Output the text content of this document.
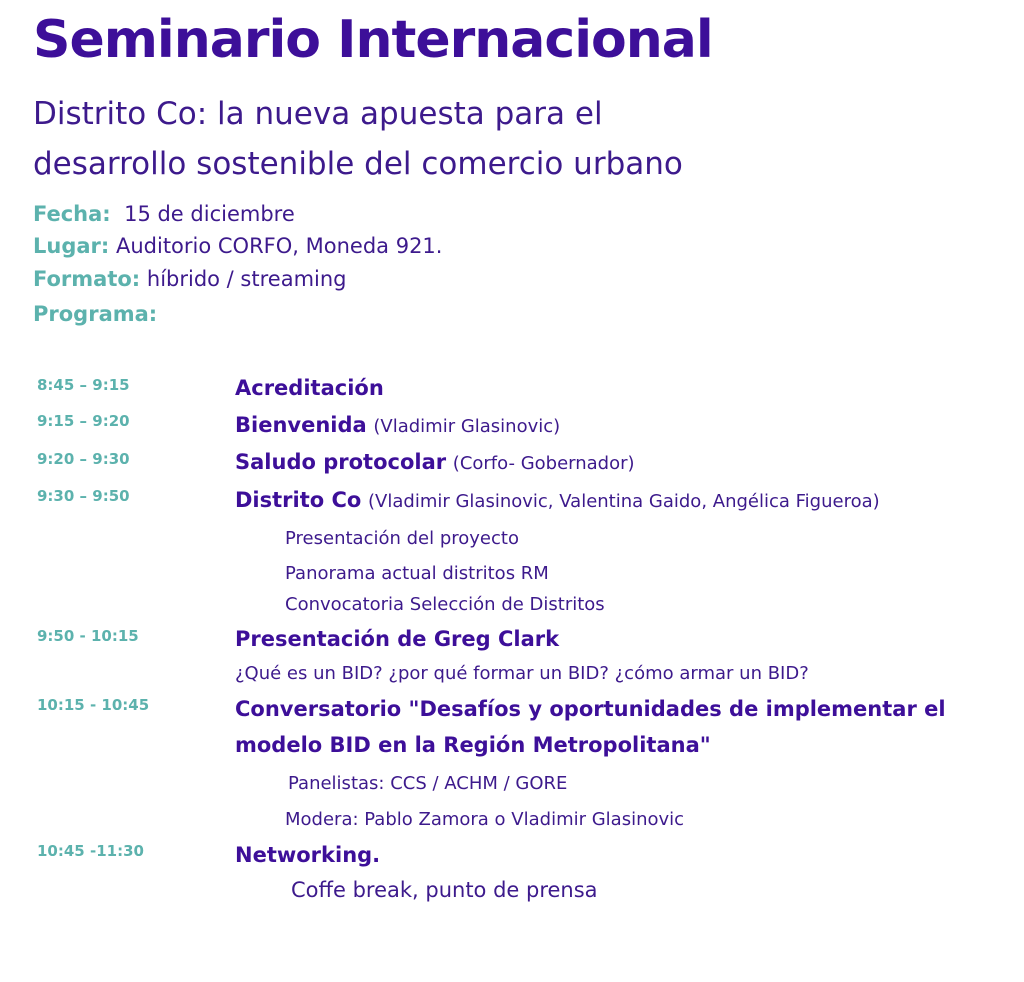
Seminario Internacional
Distrito Co: la nueva apuesta para el
desarrollo sostenible del comercio urbano
Fecha: 15 de diciembre
Lugar: Auditorio CORFO, Moneda 921.
Formato: híbrido / streaming
Programa:
8:45 – 9:15	Acreditación
9:15 – 9:20	Bienvenida (Vladimir Glasinovic)
9:20 – 9:30	Saludo protocolar (Corfo- Gobernador)
9:30 – 9:50	Distrito Co (Vladimir Glasinovic, Valentina Gaido, Angélica Figueroa)
Presentación del proyecto
Panorama actual distritos RM
Convocatoria Selección de Distritos
9:50 - 10:15	Presentación de Greg Clark
¿Qué es un BID? ¿por qué formar un BID? ¿cómo armar un BID?
10:15 - 10:45	Conversatorio "Desafíos y oportunidades de implementar el
modelo BID en la Región Metropolitana"
Panelistas: CCS / ACHM / GORE
Modera: Pablo Zamora o Vladimir Glasinovic
10:45 -11:30	Networking.
Coffe break, punto de prensa
